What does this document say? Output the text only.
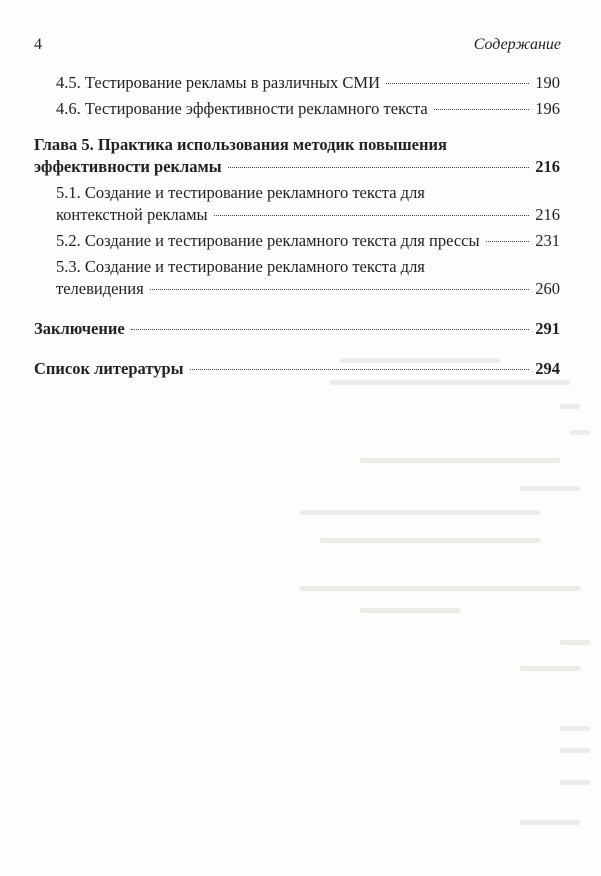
4	Содержание
4.5. Тестирование рекламы в различных СМИ	190
4.6. Тестирование эффективности рекламного текста	196
Глава 5. Практика использования методик повышения
эффективности рекламы	216
5.1. Создание и тестирование рекламного текста для
контекстной рекламы	216
5.2. Создание и тестирование рекламного текста для прессы	231
5.3. Создание и тестирование рекламного текста для
телевидения	260
Заключение	291
Список литературы	294
